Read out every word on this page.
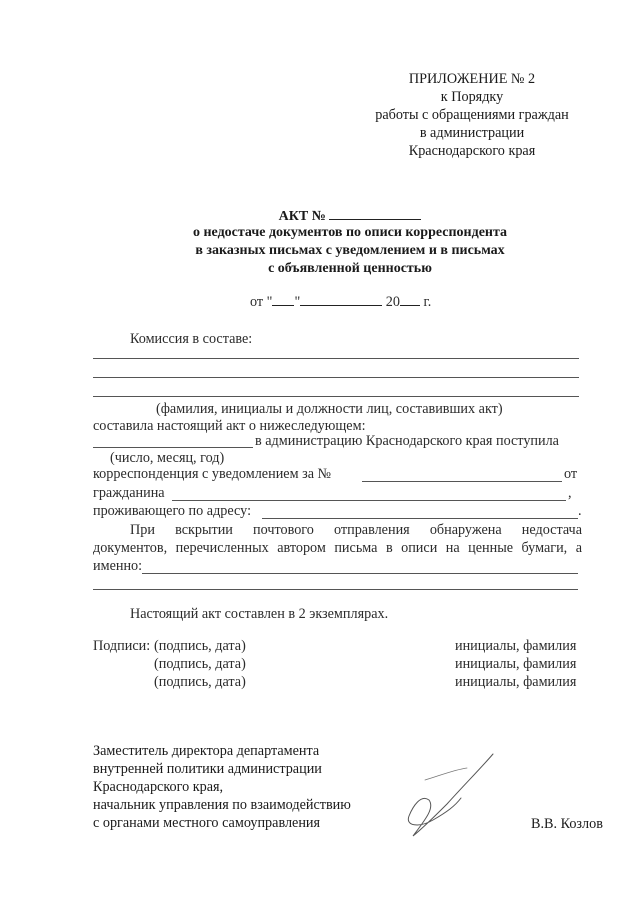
ПРИЛОЖЕНИЕ № 2
к Порядку
работы с обращениями граждан
в администрации
Краснодарского края
АКТ №
о недостаче документов по описи корреспондента
в заказных письмах с уведомлением и в письмах
с объявленной ценностью
от " "	20 г.
Комиссия в составе:
(фамилия, инициалы и должности лиц, составивших акт)
составила настоящий акт о нижеследующем:
в администрацию Краснодарского края поступила
(число, месяц, год)
корреспонденция с уведомлением за №	от
гражданина	,
проживающего по адресу:	.
При вскрытии почтового отправления обнаружена недостача
документов, перечисленных автором письма в описи на ценные бумаги, а
именно:
Настоящий акт составлен в 2 экземплярах.
Подписи: (подпись, дата)	инициалы, фамилия
(подпись, дата)	инициалы, фамилия
(подпись, дата)	инициалы, фамилия
Заместитель директора департамента
внутренней политики администрации
Краснодарского края,
начальник управления по взаимодействию
с органами местного самоуправления	В.В. Козлов
